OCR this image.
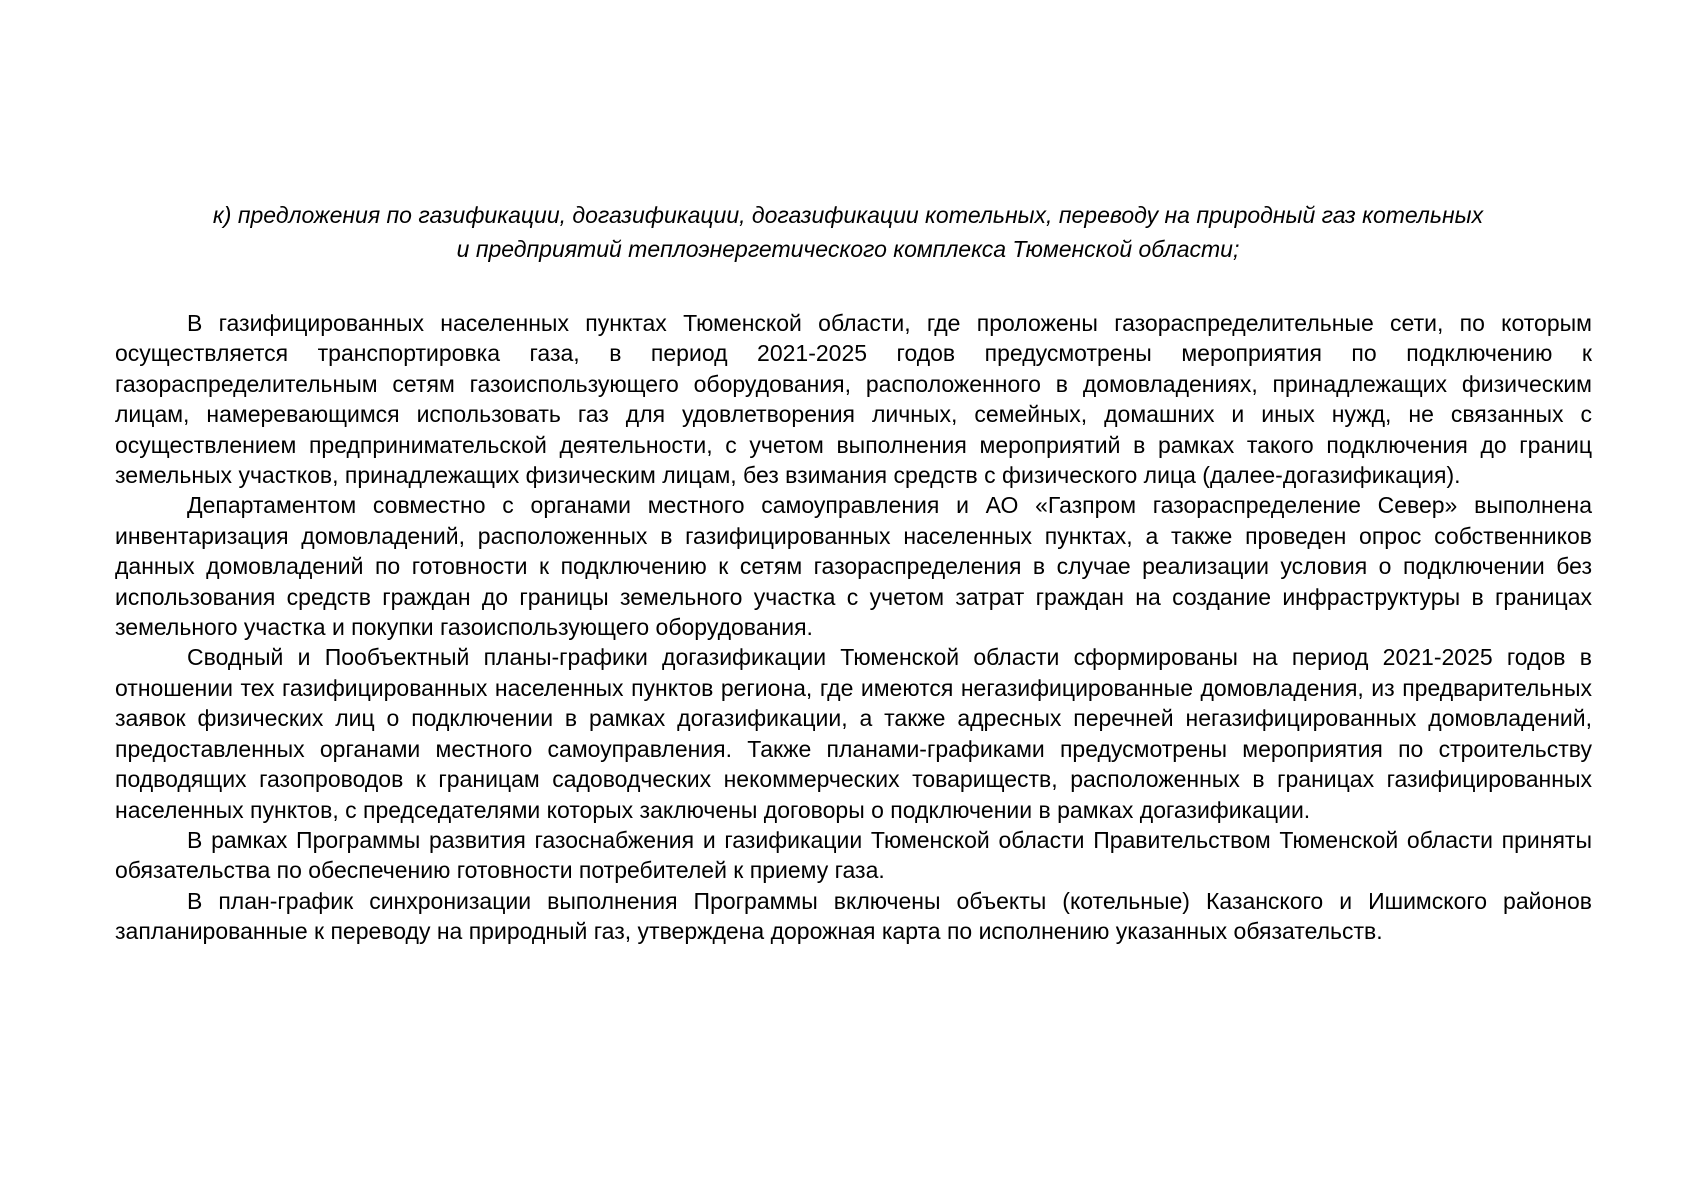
к) предложения по газификации, догазификации, догазификации котельных, переводу на природный газ котельных
и предприятий теплоэнергетического комплекса Тюменской области;

В газифицированных населенных пунктах Тюменской области, где проложены газораспределительные сети, по которым осуществляется транспортировка газа, в период 2021-2025 годов предусмотрены мероприятия по подключению к газораспределительным сетям газоиспользующего оборудования, расположенного в домовладениях, принадлежащих физическим лицам, намеревающимся использовать газ для удовлетворения личных, семейных, домашних и иных нужд, не связанных с осуществлением предпринимательской деятельности, с учетом выполнения мероприятий в рамках такого подключения до границ земельных участков, принадлежащих физическим лицам, без взимания средств с физического лица (далее-догазификация).

Департаментом совместно с органами местного самоуправления и АО «Газпром газораспределение Север» выполнена инвентаризация домовладений, расположенных в газифицированных населенных пунктах, а также проведен опрос собственников данных домовладений по готовности к подключению к сетям газораспределения в случае реализации условия о подключении без использования средств граждан до границы земельного участка с учетом затрат граждан на создание инфраструктуры в границах земельного участка и покупки газоиспользующего оборудования.

Сводный и Пообъектный планы-графики догазификации Тюменской области сформированы на период 2021-2025 годов в отношении тех газифицированных населенных пунктов региона, где имеются негазифицированные домовладения, из предварительных заявок физических лиц о подключении в рамках догазификации, а также адресных перечней негазифицированных домовладений, предоставленных органами местного самоуправления. Также планами-графиками предусмотрены мероприятия по строительству подводящих газопроводов к границам садоводческих некоммерческих товариществ, расположенных в границах газифицированных населенных пунктов, с председателями которых заключены договоры о подключении в рамках догазификации.

В рамках Программы развития газоснабжения и газификации Тюменской области Правительством Тюменской области приняты обязательства по обеспечению готовности потребителей к приему газа.

В план-график синхронизации выполнения Программы включены объекты (котельные) Казанского и Ишимского районов запланированные к переводу на природный газ, утверждена дорожная карта по исполнению указанных обязательств.
